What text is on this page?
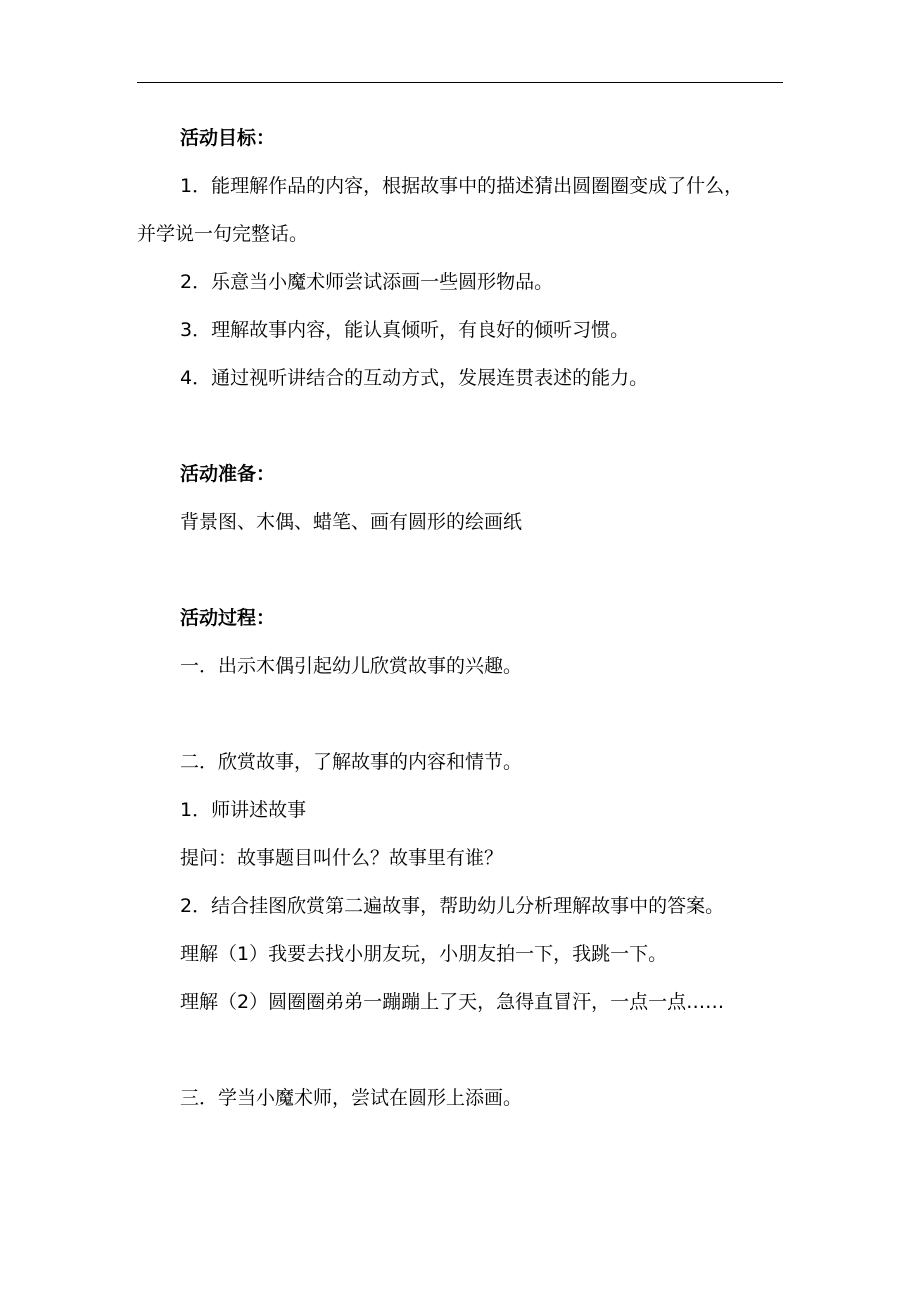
活动目标：
1．能理解作品的内容，根据故事中的描述猜出圆圈圈变成了什么，
并学说一句完整话。
2．乐意当小魔术师尝试添画一些圆形物品。
3．理解故事内容，能认真倾听，有良好的倾听习惯。
4．通过视听讲结合的互动方式，发展连贯表述的能力。
活动准备：
背景图、木偶、蜡笔、画有圆形的绘画纸
活动过程：
一．出示木偶引起幼儿欣赏故事的兴趣。
二．欣赏故事，了解故事的内容和情节。
1．师讲述故事
提问：故事题目叫什么？故事里有谁？
2．结合挂图欣赏第二遍故事，帮助幼儿分析理解故事中的答案。
理解（1）我要去找小朋友玩，小朋友拍一下，我跳一下。
理解（2）圆圈圈弟弟一蹦蹦上了天，急得直冒汗，一点一点……
三．学当小魔术师，尝试在圆形上添画。
